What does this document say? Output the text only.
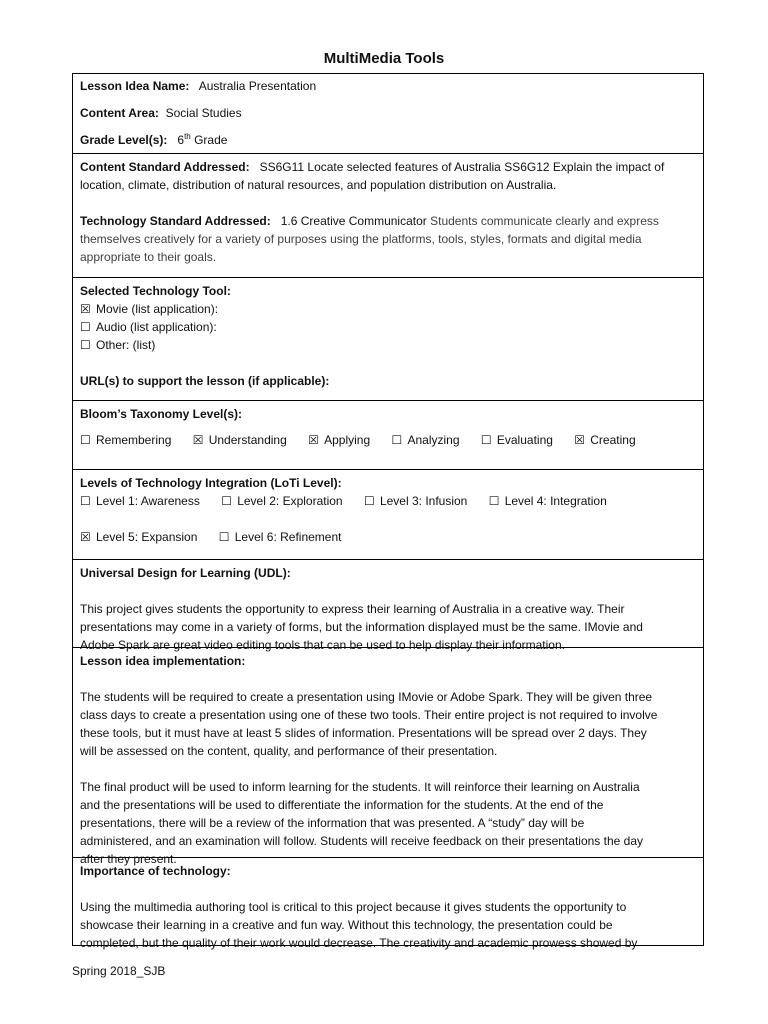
MultiMedia Tools
Lesson Idea Name: Australia Presentation
Content Area: Social Studies
Grade Level(s): 6th Grade
Content Standard Addressed: SS6G11 Locate selected features of Australia SS6G12 Explain the impact of
location, climate, distribution of natural resources, and population distribution on Australia.
Technology Standard Addressed: 1.6 Creative Communicator Students communicate clearly and express
themselves creatively for a variety of purposes using the platforms, tools, styles, formats and digital media
appropriate to their goals.
Selected Technology Tool:
☒ Movie (list application):
☐ Audio (list application):
☐ Other: (list)
URL(s) to support the lesson (if applicable):
Bloom’s Taxonomy Level(s):
☐ Remembering ☒ Understanding ☒ Applying ☐ Analyzing ☐ Evaluating ☒ Creating
Levels of Technology Integration (LoTi Level):
☐ Level 1: Awareness ☐ Level 2: Exploration ☐ Level 3: Infusion ☐ Level 4: Integration
☒ Level 5: Expansion ☐ Level 6: Refinement
Universal Design for Learning (UDL):
This project gives students the opportunity to express their learning of Australia in a creative way. Their
presentations may come in a variety of forms, but the information displayed must be the same. IMovie and
Adobe Spark are great video editing tools that can be used to help display their information.
Lesson idea implementation:
The students will be required to create a presentation using IMovie or Adobe Spark. They will be given three
class days to create a presentation using one of these two tools. Their entire project is not required to involve
these tools, but it must have at least 5 slides of information. Presentations will be spread over 2 days. They
will be assessed on the content, quality, and performance of their presentation.
The final product will be used to inform learning for the students. It will reinforce their learning on Australia
and the presentations will be used to differentiate the information for the students. At the end of the
presentations, there will be a review of the information that was presented. A “study” day will be
administered, and an examination will follow. Students will receive feedback on their presentations the day
after they present.
Importance of technology:
Using the multimedia authoring tool is critical to this project because it gives students the opportunity to
showcase their learning in a creative and fun way. Without this technology, the presentation could be
completed, but the quality of their work would decrease. The creativity and academic prowess showed by
Spring 2018_SJB
